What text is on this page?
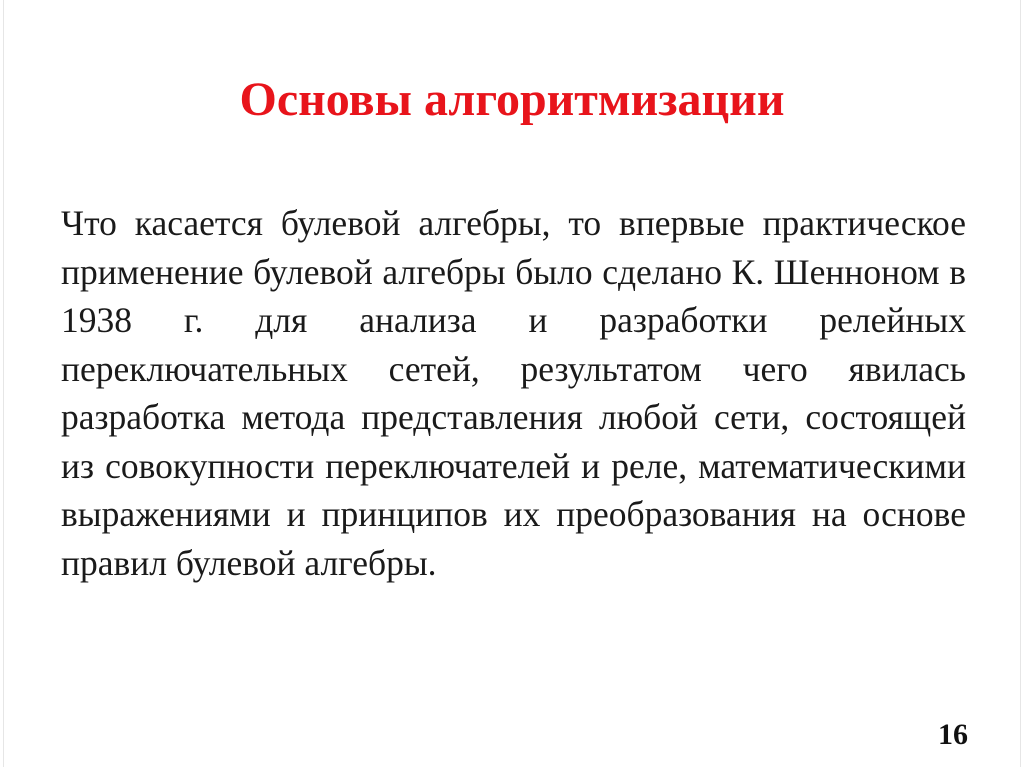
Основы алгоритмизации
Что касается булевой алгебры, то впервые практическое применение булевой алгебры было сделано К. Шенноном в 1938 г. для анализа и разработки релейных переключательных сетей, результатом чего явилась разработка метода представления любой сети, состоящей из совокупности переключателей и реле, математическими выражениями и принципов их преобразования на основе правил булевой алгебры.
16
